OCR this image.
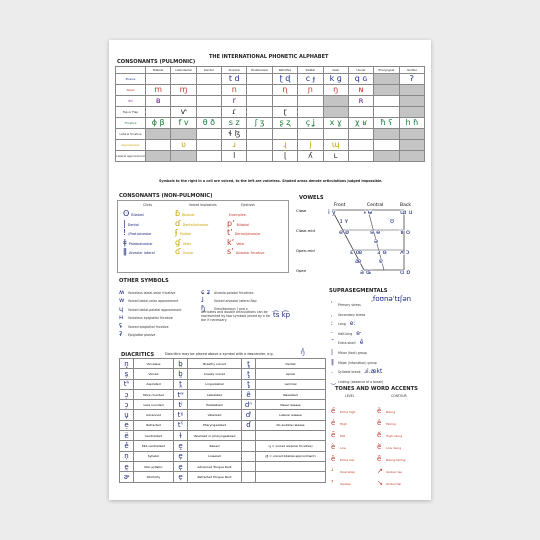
THE INTERNATIONAL PHONETIC ALPHABET
CONSONANTS (PULMONIC)
	Bilabial	Labiodental	Dental	Alveolar	Postalveolar	Retroflex	Palatal	Velar	Uvular	Pharyngeal	Glottal
Plosive				t d		ʈ ɖ	c ɟ	k ɡ	q ɢ		ʔ
Nasal	m	ɱ		n		ɳ	ɲ	ŋ	ɴ		
Trill	ʙ			r					ʀ		
Tap or Flap		ⱱ		ɾ		ɽ					
Fricative	ɸ β	f v	θ ð	s z	ʃ ʒ	ʂ ʐ	ç ʝ	x ɣ	χ ʁ	ħ ʕ	h ɦ
Lateral fricative				ɬ ɮ							
Approximant		ʋ		ɹ		ɻ	j	ɰ			
Lateral approximant				l		ɭ	ʎ	ʟ			
Symbols to the right in a cell are voiced, to the left are voiceless. Shaded areas denote articulations judged impossible.
CONSONANTS (NON-PULMONIC)
Clicks	Voiced implosives	Ejectives
ʘ Bilabial
| Dental
! (Post)alveolar
ǂ Palatoalveolar
ǁ Alveolar lateral
ɓ Bilabial
ɗ Dental/alveolar
ʄ Palatal
ɠ Velar
ʛ Uvular
Examples:
pʼ Bilabial
tʼ Dental/alveolar
kʼ Velar
sʼ Alveolar fricative
VOWELS
Front	Central	Back
Close
Close-mid
Open-mid
Open
i y	ɨ ʉ	ɯ u
ɪ ʏ	ʊ
e ø	ɘ ɵ	ɤ o
ə
ɛ œ ɜ ɞ ʌ ɔ
æ	ɐ
a ɶ	ɑ ɒ
OTHER SYMBOLS
ʍ Voiceless labial-velar fricative
w Voiced labial-velar approximant
ɥ Voiced labial-palatal approximant
ʜ Voiceless epiglottal fricative
ʢ Voiced epiglottal fricative
ʡ Epiglottal plosive
ɕ ʑ Alveolo-palatal fricatives
ɺ	Voiced alveolar lateral flap
ɧ	Simultaneous ʃ and x
Affricates and double articulations can be represented by two symbols joined by a tie bar if necessary.
t͡s k͡p
SUPRASEGMENTALS
ˌfoʊnəˈtɪʃən
ˈ Primary stress
ˌ Secondary stress
ː Long eː
ˑ Half-long eˑ
˘ Extra-short ĕ
| Minor (foot) group
‖ Major (intonation) group
. Syllable break ɹi.ækt
‿ Linking (absence of a break)
TONES AND WORD ACCENTS
LEVEL	CONTOUR
e̋ Extra high
é High
ē Mid
è Low
ȅ Extra low
ꜜ Downstep
ꜛ Upstep
ě Rising
ê Falling
e᷄ High rising
e᷅ Low rising
e᷈ Rising-falling
↗ Global rise
↘ Global fall
DIACRITICS	Diacritics may be placed above a symbol with a descender, e.g.	ŋ̊
n̥	Voiceless	b̤	Breathy voiced	t̪	Dental
s̬	Voiced	b̰	Creaky voiced	t̺	Apical
tʰ	Aspirated	t̼	Linguolabial	t̻	Laminal
ɔ̹	More rounded	tʷ	Labialized	ẽ	Nasalized
ɔ̜	Less rounded	tʲ	Palatalized	dⁿ	Nasal release
u̟	Advanced	tˠ	Velarized	dˡ	Lateral release
e̠	Retracted	tˤ	Pharyngealized	d̚	No audible release
ë	Centralized	ɫ	Velarized or pharyngealized		
e̽	Mid-centralized	e̝	Raised		(ɹ̝ = voiced alveolar fricative)
n̩	Syllabic	e̞	Lowered		(β̞ = voiced bilabial approximant)
e̯	Non-syllabic	e̘	Advanced Tongue Root		
ɚ	Rhoticity	e̙	Retracted Tongue Root		
